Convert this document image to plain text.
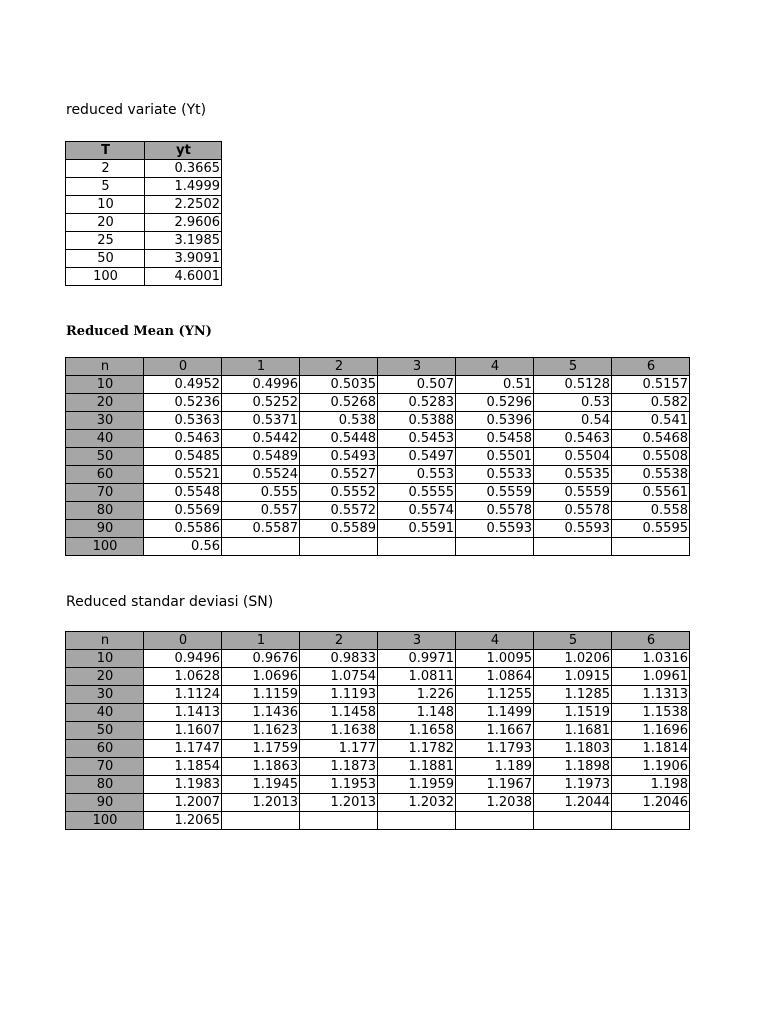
reduced variate (Yt)
T	yt
2	0.3665
5	1.4999
10	2.2502
20	2.9606
25	3.1985
50	3.9091
100	4.6001
Reduced Mean (YN)
n	0	1	2	3	4	5	6
10	0.4952	0.4996	0.5035	0.507	0.51	0.5128	0.5157
20	0.5236	0.5252	0.5268	0.5283	0.5296	0.53	0.582
30	0.5363	0.5371	0.538	0.5388	0.5396	0.54	0.541
40	0.5463	0.5442	0.5448	0.5453	0.5458	0.5463	0.5468
50	0.5485	0.5489	0.5493	0.5497	0.5501	0.5504	0.5508
60	0.5521	0.5524	0.5527	0.553	0.5533	0.5535	0.5538
70	0.5548	0.555	0.5552	0.5555	0.5559	0.5559	0.5561
80	0.5569	0.557	0.5572	0.5574	0.5578	0.5578	0.558
90	0.5586	0.5587	0.5589	0.5591	0.5593	0.5593	0.5595
100	0.56						
Reduced standar deviasi (SN)
n	0	1	2	3	4	5	6
10	0.9496	0.9676	0.9833	0.9971	1.0095	1.0206	1.0316
20	1.0628	1.0696	1.0754	1.0811	1.0864	1.0915	1.0961
30	1.1124	1.1159	1.1193	1.226	1.1255	1.1285	1.1313
40	1.1413	1.1436	1.1458	1.148	1.1499	1.1519	1.1538
50	1.1607	1.1623	1.1638	1.1658	1.1667	1.1681	1.1696
60	1.1747	1.1759	1.177	1.1782	1.1793	1.1803	1.1814
70	1.1854	1.1863	1.1873	1.1881	1.189	1.1898	1.1906
80	1.1983	1.1945	1.1953	1.1959	1.1967	1.1973	1.198
90	1.2007	1.2013	1.2013	1.2032	1.2038	1.2044	1.2046
100	1.2065						
